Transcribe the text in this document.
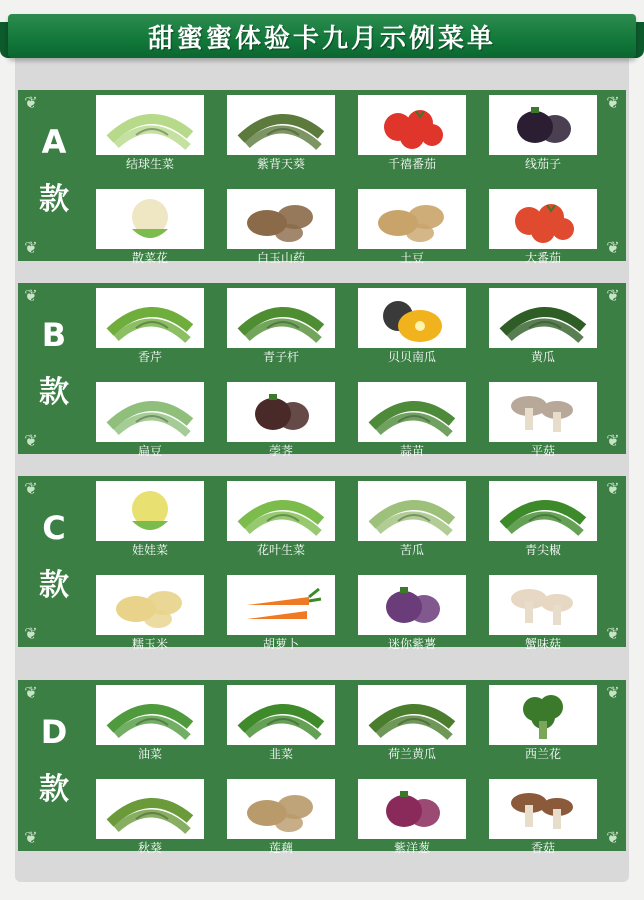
甜蜜蜜体验卡九月示例菜单
❦	❦
❦	❦
A
款
结球生菜	紫背天葵	千禧番茄	线茄子
散菜花	白玉山药	土豆	大番茄
❦	❦
❦	❦
B
款
香芹	青子杆	贝贝南瓜	黄瓜
扁豆	荸荠	蒜苗	平菇
❦	❦
❦	❦
C
款
娃娃菜	花叶生菜	苦瓜	青尖椒
糯玉米	胡萝卜	迷你紫薯	蟹味菇
❦	❦
❦	❦
D
款
油菜	韭菜	荷兰黄瓜	西兰花
秋葵	莲藕	紫洋葱	香菇
